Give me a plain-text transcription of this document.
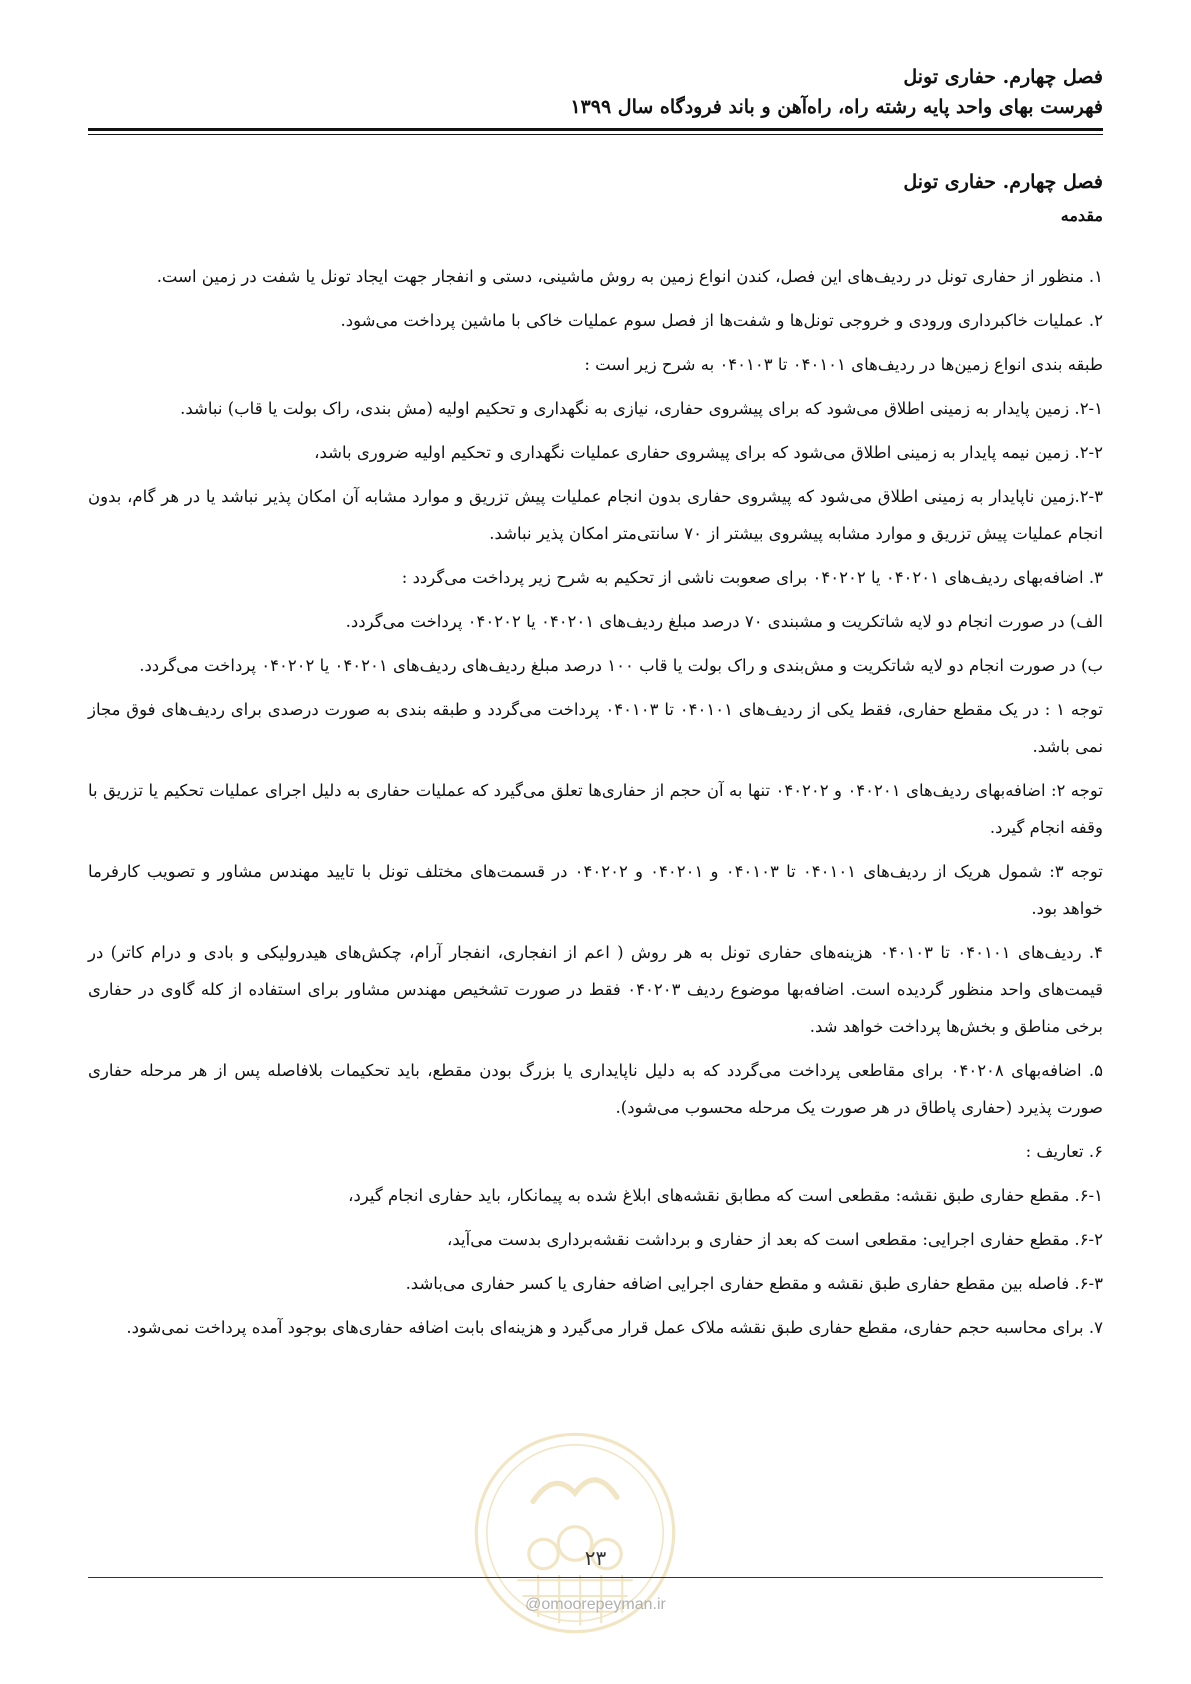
فصل چهارم. حفاری تونل
فهرست بهای واحد پایه رشته راه، راه‌آهن و باند فرودگاه سال ۱۳۹۹
فصل چهارم. حفاری تونل
مقدمه

۱. منظور از حفاری تونل در ردیف‌های این فصل، کندن انواع زمین به روش ماشینی، دستی و انفجار جهت ایجاد تونل یا شفت در زمین است.

۲. عملیات خاکبرداری ورودی و خروجی تونل‌ها و شفت‌ها از فصل سوم عملیات خاکی با ماشین پرداخت می‌شود.

طبقه بندی انواع زمین‌ها در ردیف‌های ۰۴۰۱۰۱ تا ۰۴۰۱۰۳ به شرح زیر است :

۲-۱. زمین پایدار به زمینی اطلاق می‌شود که برای پیشروی حفاری، نیازی به نگهداری و تحکیم اولیه (مش بندی، راک بولت یا قاب) نباشد.

۲-۲. زمین نیمه پایدار به زمینی اطلاق می‌شود که برای پیشروی حفاری عملیات نگهداری و تحکیم اولیه ضروری باشد،

۲-۳.زمین ناپایدار به زمینی اطلاق می‌شود که پیشروی حفاری بدون انجام عملیات پیش تزریق و موارد مشابه آن امکان پذیر نباشد یا در هر گام، بدون انجام عملیات پیش تزریق و موارد مشابه پیشروی بیشتر از ۷۰ سانتی‌متر امکان پذیر نباشد.

۳. اضافه‌بهای ردیف‌های ۰۴۰۲۰۱ یا ۰۴۰۲۰۲ برای صعوبت ناشی از تحکیم به شرح زیر پرداخت می‌گردد :

الف) در صورت انجام دو لایه شاتکریت و مشبندی ۷۰ درصد مبلغ ردیف‌های ۰۴۰۲۰۱ یا ۰۴۰۲۰۲ پرداخت می‌گردد.

ب) در صورت انجام دو لایه شاتکریت و مش‌بندی و راک بولت یا قاب ۱۰۰ درصد مبلغ ردیف‌های ردیف‌های ۰۴۰۲۰۱ یا ۰۴۰۲۰۲ پرداخت می‌گردد.

توجه ۱ : در یک مقطع حفاری، فقط یکی از ردیف‌های ۰۴۰۱۰۱ تا ۰۴۰۱۰۳ پرداخت می‌گردد و طبقه بندی به صورت درصدی برای ردیف‌های فوق مجاز نمی باشد.

توجه ۲: اضافه‌بهای ردیف‌های ۰۴۰۲۰۱ و ۰۴۰۲۰۲ تنها به آن حجم از حفاری‌ها تعلق می‌گیرد که عملیات حفاری به دلیل اجرای عملیات تحکیم یا تزریق با وقفه انجام گیرد.

توجه ۳: شمول هریک از ردیف‌های ۰۴۰۱۰۱ تا ۰۴۰۱۰۳ و ۰۴۰۲۰۱ و ۰۴۰۲۰۲ در قسمت‌های مختلف تونل با تایید مهندس مشاور و تصویب کارفرما خواهد بود.

۴. ردیف‌های ۰۴۰۱۰۱ تا ۰۴۰۱۰۳ هزینه‌های حفاری تونل به هر روش ( اعم از انفجاری، انفجار آرام، چکش‌های هیدرولیکی و بادی و درام کاتر) در قیمت‌های واحد منظور گردیده است. اضافه‌بها موضوع ردیف ۰۴۰۲۰۳ فقط در صورت تشخیص مهندس مشاور برای استفاده از کله گاوی در حفاری برخی مناطق و بخش‌ها پرداخت خواهد شد.

۵. اضافه‌بهای ۰۴۰۲۰۸ برای مقاطعی پرداخت می‌گردد که به دلیل ناپایداری یا بزرگ بودن مقطع، باید تحکیمات بلافاصله پس از هر مرحله حفاری صورت پذیرد (حفاری پاطاق در هر صورت یک مرحله محسوب می‌شود).

۶. تعاریف :

۶-۱. مقطع حفاری طبق نقشه: مقطعی است که مطابق نقشه‌های ابلاغ شده به پیمانکار، باید حفاری انجام گیرد،

۶-۲. مقطع حفاری اجرایی: مقطعی است که بعد از حفاری و برداشت نقشه‌برداری بدست می‌آید،

۶-۳. فاصله بین مقطع حفاری طبق نقشه و مقطع حفاری اجرایی اضافه حفاری یا کسر حفاری می‌باشد.

۷. برای محاسبه حجم حفاری، مقطع حفاری طبق نقشه ملاک عمل قرار می‌گیرد و هزینه‌ای بابت اضافه حفاری‌های بوجود آمده پرداخت نمی‌شود.

۲۳
@omoorepeyman.ir
